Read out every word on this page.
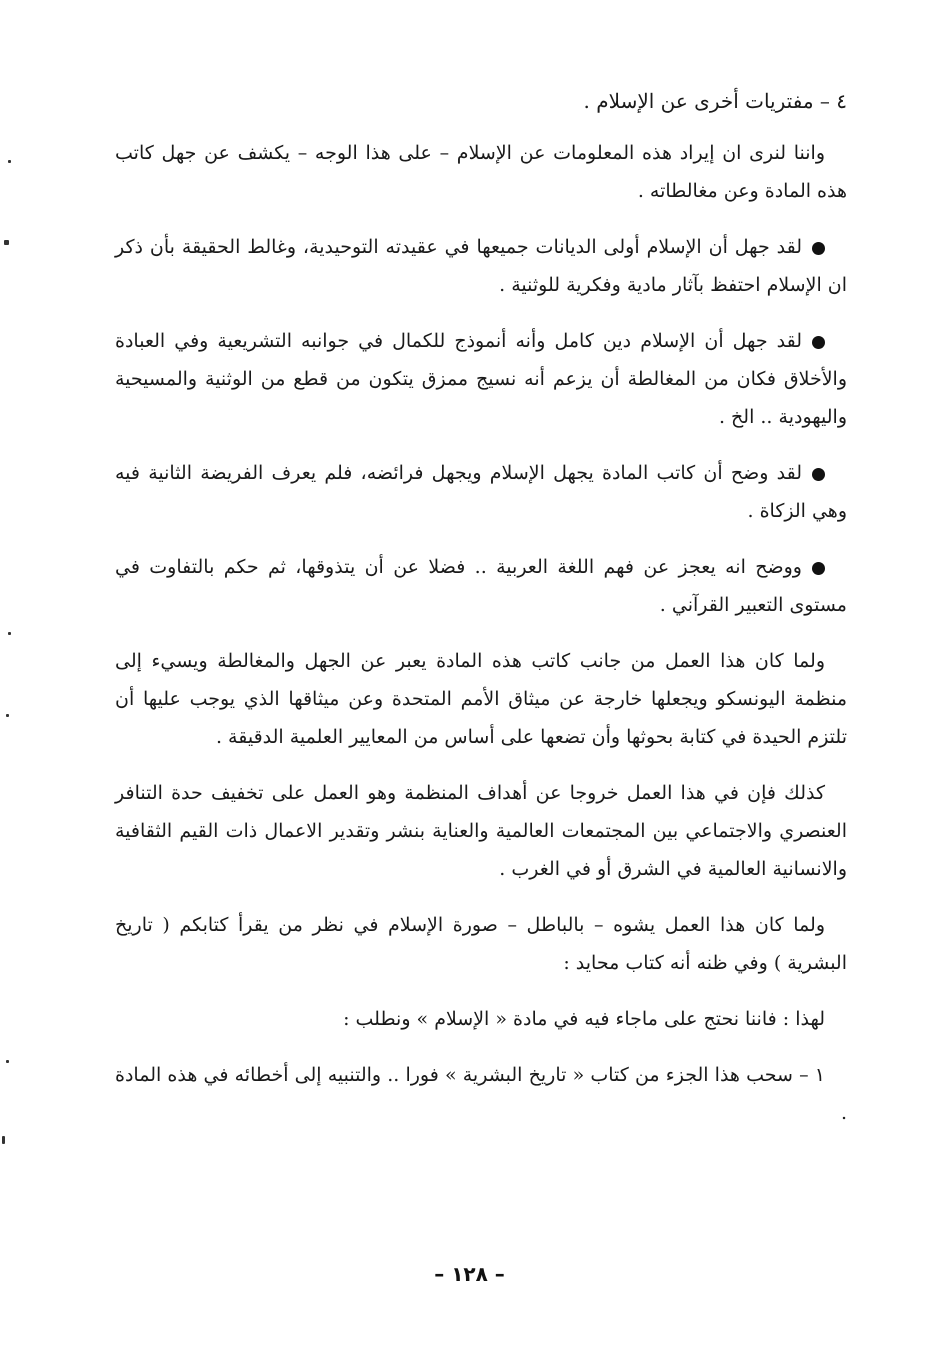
٤ – مفتريات أخرى عن الإسلام .

واننا لنرى ان إيراد هذه المعلومات عن الإسلام – على هذا الوجه – يكشف عن جهل كاتب هذه المادة وعن مغالطاته .

لقد جهل أن الإسلام أولى الديانات جميعها في عقيدته التوحيدية، وغالط الحقيقة بأن ذكر ان الإسلام احتفظ بآثار مادية وفكرية للوثنية .

لقد جهل أن الإسلام دين كامل وأنه أنموذج للكمال في جوانبه التشريعية وفي العبادة والأخلاق فكان من المغالطة أن يزعم أنه نسيج ممزق يتكون من قطع من الوثنية والمسيحية واليهودية .. الخ .

لقد وضح أن كاتب المادة يجهل الإسلام ويجهل فرائضه، فلم يعرف الفريضة الثانية فيه وهي الزكاة .

ووضح انه يعجز عن فهم اللغة العربية .. فضلا عن أن يتذوقها، ثم حكم بالتفاوت في مستوى التعبير القرآني .

ولما كان هذا العمل من جانب كاتب هذه المادة يعبر عن الجهل والمغالطة ويسيء إلى منظمة اليونسكو ويجعلها خارجة عن ميثاق الأمم المتحدة وعن ميثاقها الذي يوجب عليها أن تلتزم الحيدة في كتابة بحوثها وأن تضعها على أساس من المعايير العلمية الدقيقة .

كذلك فإن في هذا العمل خروجا عن أهداف المنظمة وهو العمل على تخفيف حدة التنافر العنصري والاجتماعي بين المجتمعات العالمية والعناية بنشر وتقدير الاعمال ذات القيم الثقافية والانسانية العالمية في الشرق أو في الغرب .

ولما كان هذا العمل يشوه – بالباطل – صورة الإسلام في نظر من يقرأ كتابكم ( تاريخ البشرية ) وفي ظنه أنه كتاب محايد :

لهذا : فاننا نحتج على ماجاء فيه في مادة « الإسلام » ونطلب :

١ – سحب هذا الجزء من كتاب « تاريخ البشرية » فورا .. والتنبيه إلى أخطائه في هذه المادة .

– ١٢٨ –
